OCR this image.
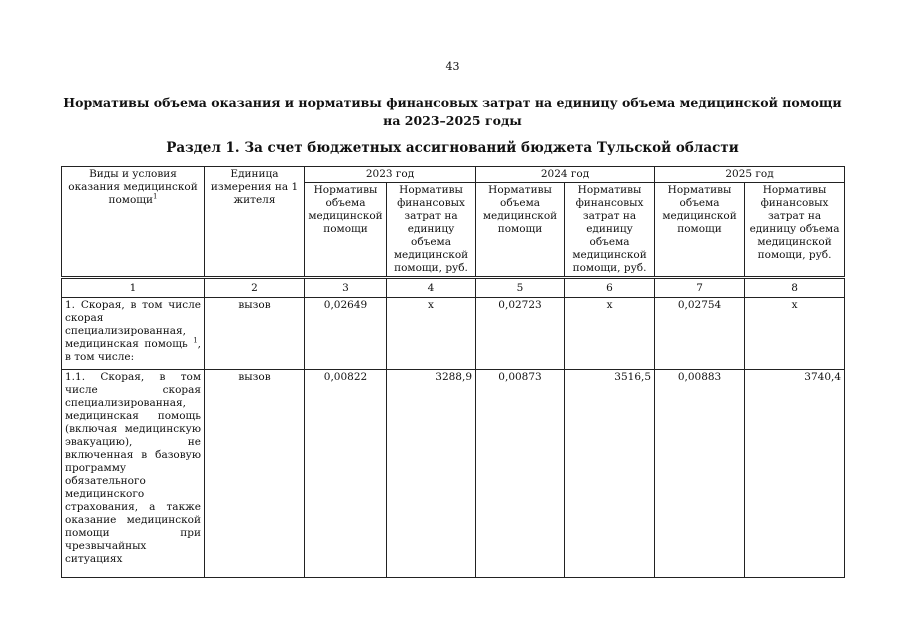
43
Нормативы объема оказания и нормативы финансовых затрат на единицу объема медицинской помощи
на 2023–2025 годы
Раздел 1. За счет бюджетных ассигнований бюджета Тульской области
Виды и условия оказания медицинской помощи$^1$	Единица измерения на 1 жителя	2023 год		2024 год		2025 год	
		Нормативы объема медицинской помощи	Нормативы финансовых затрат на единицу объема медицинской помощи, руб.	Нормативы объема медицинской помощи	Нормативы финансовых затрат на единицу объема медицинской помощи, руб.	Нормативы объема медицинской помощи	Нормативы финансовых затрат на единицу объема медицинской помощи, руб.
1	2	3	4	5	6	7	8
1. Скорая, в том числе скорая специализированная, медицинская помощь $^1$, в том числе:	вызов	0,02649	х	0,02723	х	0,02754	х
1.1. Скорая, в том числе скорая специализированная, медицинская помощь (включая медицинскую эвакуацию), не включенная в базовую программу обязательного медицинского страхования, а также оказание медицинской помощи при чрезвычайных ситуациях	вызов	0,00822	3288,9	0,00873	3516,5	0,00883	3740,4
